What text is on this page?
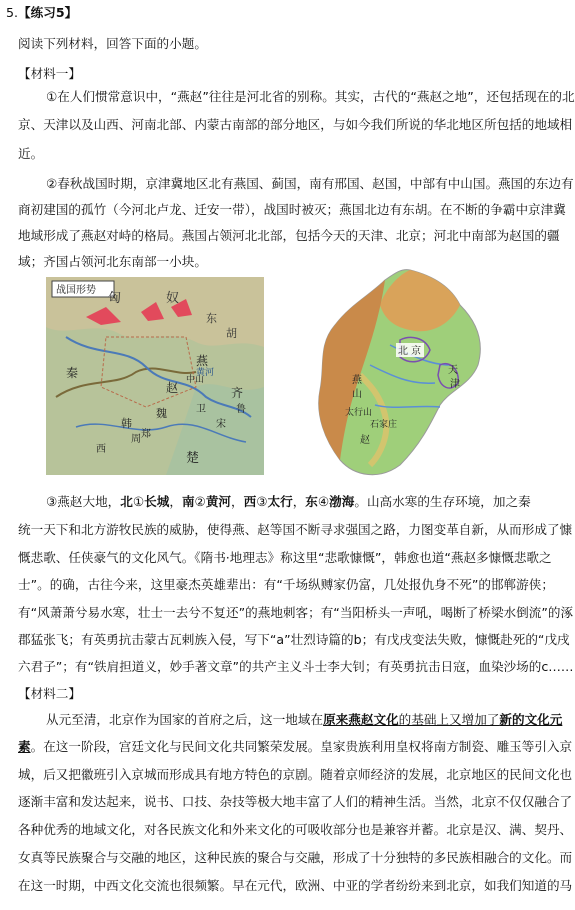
5.【练习5】
阅读下列材料，回答下面的小题。
【材料一】
①在人们惯常意识中，“燕赵”往往是河北省的别称。其实，古代的“燕赵之地”，还包括现在的北
京、天津以及山西、河南北部、内蒙古南部的部分地区，与如今我们所说的华北地区所包括的地域相
近。
②春秋战国时期，京津冀地区北有燕国、蓟国，南有邢国、赵国，中部有中山国。燕国的东边有
商初建国的孤竹（今河北卢龙、迁安一带），战国时被灭；燕国北边有东胡。在不断的争霸中京津冀
地域形成了燕赵对峙的格局。燕国占领河北北部，包括今天的天津、北京；河北中南部为赵国的疆
域；齐国占领河北东南部一小块。
战国形势
匈	奴
东
胡
燕
赵
中山
黄河
齐
秦
韩
魏
楚
宋
卫	鲁
郑
周
西
北 京
天
津
燕
山
太行山
石家庄
赵
③燕赵大地，北①长城，南②黄河，西③太行，东④渤海。山高水寒的生存环境，加之秦
统一天下和北方游牧民族的威胁，使得燕、赵等国不断寻求强国之路，力图变革自新，从而形成了慷
慨悲歌、任侠豪气的文化风气。《隋书·地理志》称这里“悲歌慷慨”，韩愈也道“燕赵多慷慨悲歌之
士”。的确，古往今来，这里豪杰英雄辈出：有“千场纵赙家仍富，几处报仇身不死”的邯郸游侠；
有“风萧萧兮易水寒，壮士一去兮不复还”的燕地刺客；有“当阳桥头一声吼，喝断了桥梁水倒流”的涿
郡猛张飞；有英勇抗击蒙古瓦剌族入侵，写下“a”壮烈诗篇的b；有戊戌变法失败，慷慨赴死的“戊戌
六君子”；有“铁肩担道义，妙手著文章”的共产主义斗士李大钊；有英勇抗击日寇，血染沙场的c……
【材料二】
从元至清，北京作为国家的首府之后，这一地域在原来燕赵文化的基础上又增加了新的文化元
素。在这一阶段，宫廷文化与民间文化共同繁荣发展。皇家贵族利用皇权将南方制瓷、雕玉等引入京
城，后又把徽班引入京城而形成具有地方特色的京剧。随着京师经济的发展，北京地区的民间文化也
逐渐丰富和发达起来，说书、口技、杂技等极大地丰富了人们的精神生活。当然，北京不仅仅融合了
各种优秀的地域文化，对各民族文化和外来文化的可吸收部分也是兼容并蓄。北京是汉、满、契丹、
女真等民族聚合与交融的地区，这种民族的聚合与交融，形成了十分独特的多民族相融合的文化。而
在这一时期，中西文化交流也很频繁。早在元代，欧洲、中亚的学者纷纷来到北京，如我们知道的马
